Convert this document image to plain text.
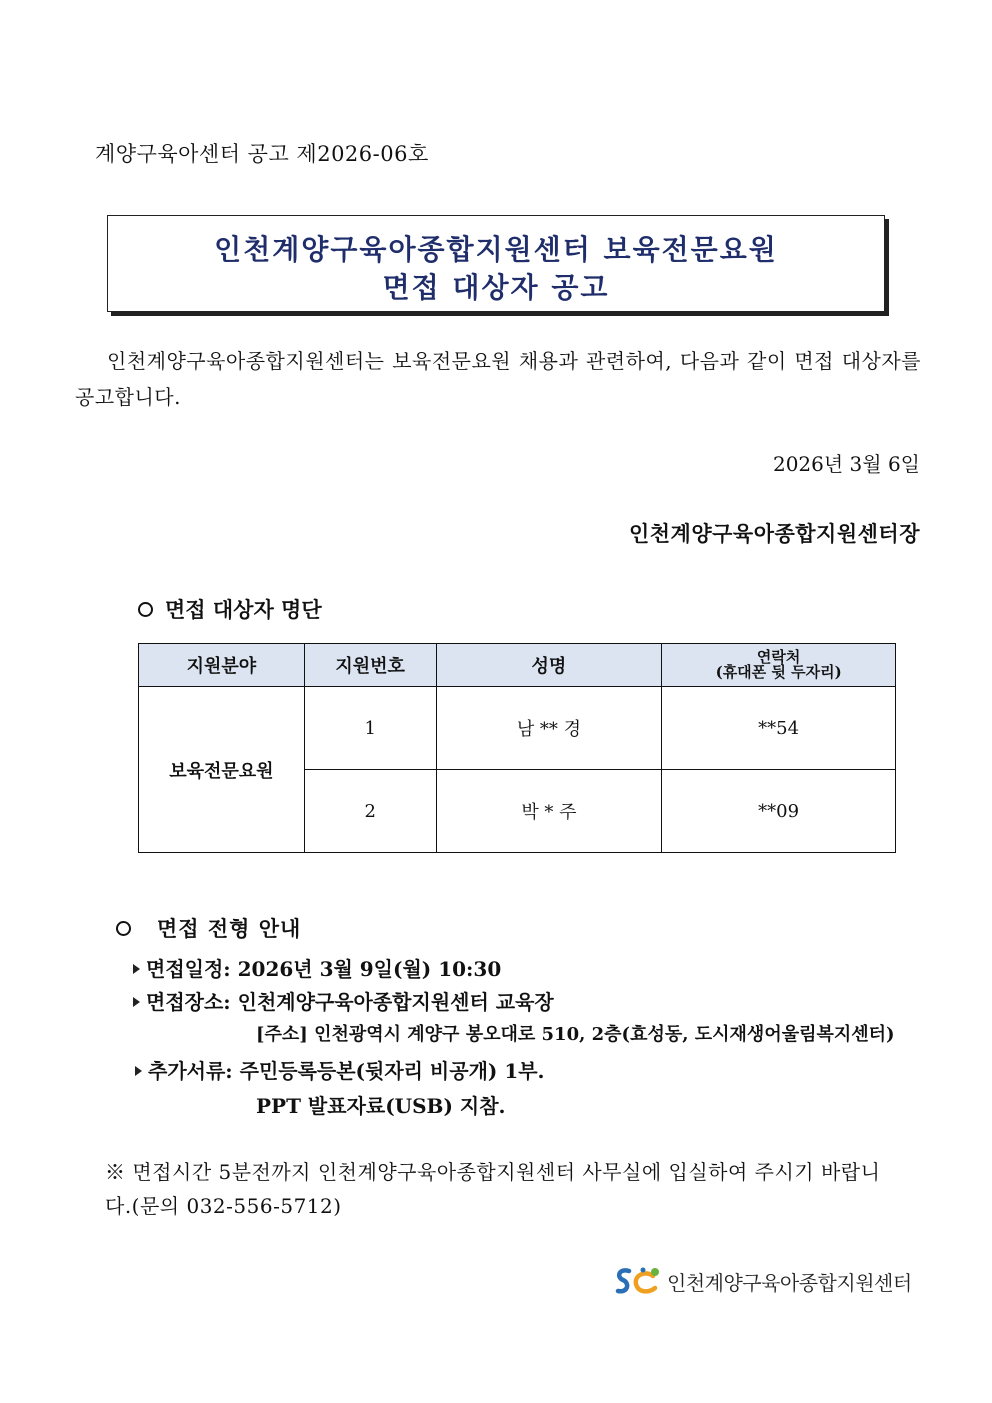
계양구육아센터 공고 제2026-06호
인천계양구육아종합지원센터 보육전문요원
면접 대상자 공고
인천계양구육아종합지원센터는 보육전문요원 채용과 관련하여, 다음과 같이 면접 대상자를 공고합니다.
2026년 3월 6일
인천계양구육아종합지원센터장
면접 대상자 명단
지원분야	지원번호	성명	연락처
(휴대폰 뒷 두자리)

보육전문요원	1	남 ** 경	**54
	2	박 * 주	**09
면접 전형 안내
면접일정: 2026년 3월 9일(월) 10:30
면접장소: 인천계양구육아종합지원센터 교육장
[주소] 인천광역시 계양구 봉오대로 510, 2층(효성동, 도시재생어울림복지센터)
추가서류: 주민등록등본(뒷자리 비공개) 1부.
PPT 발표자료(USB) 지참.
※ 면접시간 5분전까지 인천계양구육아종합지원센터 사무실에 입실하여 주시기 바랍니다.(문의 032-556-5712)
인천계양구육아종합지원센터
